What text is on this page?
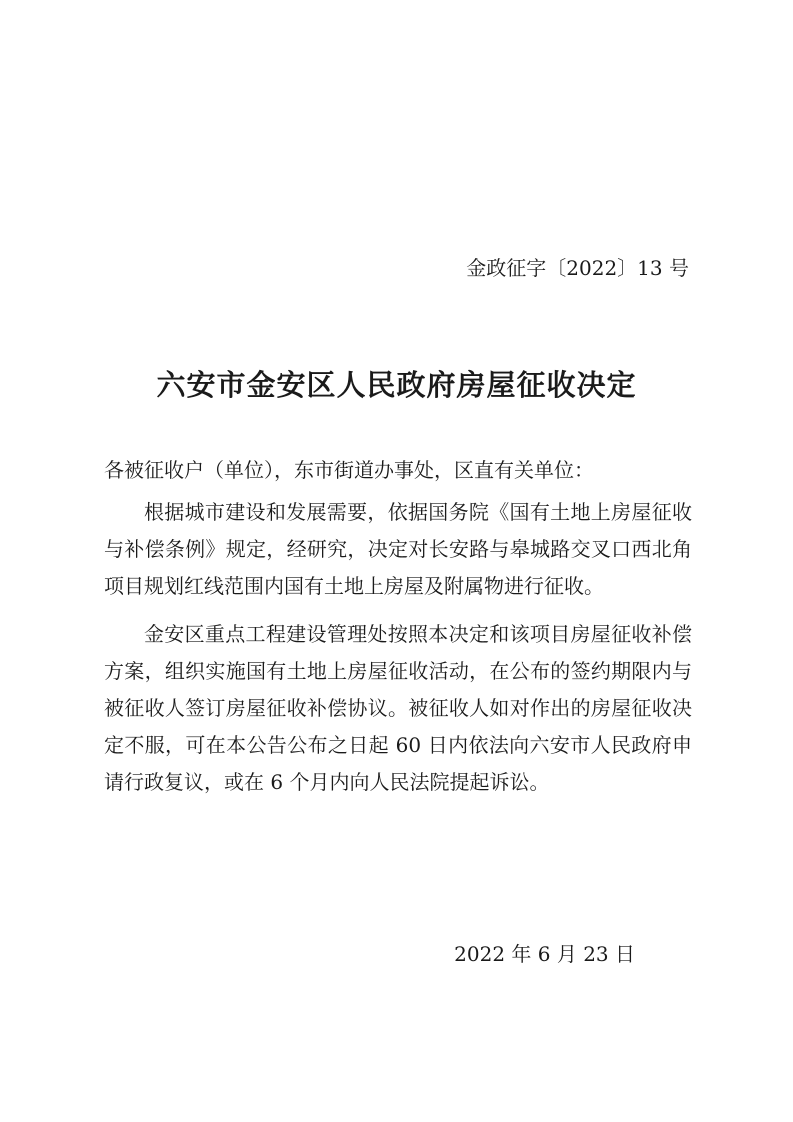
金政征字〔2022〕13 号
六安市金安区人民政府房屋征收决定
各被征收户（单位），东市街道办事处，区直有关单位：

根据城市建设和发展需要，依据国务院《国有土地上房屋征收与补偿条例》规定，经研究，决定对长安路与皋城路交叉口西北角项目规划红线范围内国有土地上房屋及附属物进行征收。

金安区重点工程建设管理处按照本决定和该项目房屋征收补偿方案，组织实施国有土地上房屋征收活动，在公布的签约期限内与被征收人签订房屋征收补偿协议。被征收人如对作出的房屋征收决定不服，可在本公告公布之日起 60 日内依法向六安市人民政府申请行政复议，或在 6 个月内向人民法院提起诉讼。

2022 年 6 月 23 日
